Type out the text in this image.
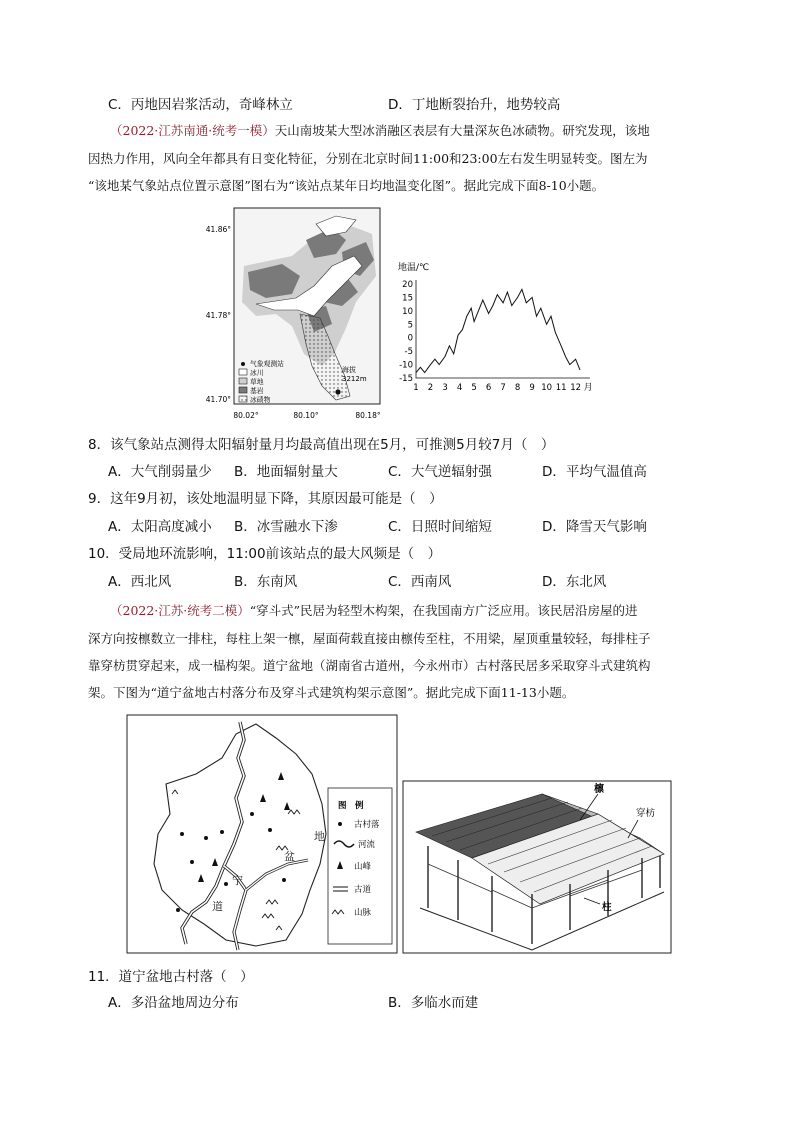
C．丙地因岩浆活动，奇峰林立	D．丁地断裂抬升，地势较高
（2022·江苏南通·统考一模）天山南坡某大型冰消融区表层有大量深灰色冰碛物。研究发现，该地
因热力作用，风向全年都具有日变化特征，分别在北京时间11:00和23:00左右发生明显转变。图左为
“该地某气象站点位置示意图”图右为“该站点某年日均地温变化图”。据此完成下面8-10小题。
海拔
3212m
气象观测站
冰川
草地
基岩
冰碛物
41.86°
41.78°
41.70°
80.02°	80.10°	80.18°
地温/℃
20
15
10
5
0
-5
-10
-15
1 2 3 4 5 6 7 8 9 10 11 12 月
8．该气象站点测得太阳辐射量月均最高值出现在5月，可推测5月较7月（　）
A．大气削弱量少 B．地面辐射量大	C．大气逆辐射强	D．平均气温值高
9．这年9月初，该处地温明显下降，其原因最可能是（　）
A．太阳高度减小 B．冰雪融水下渗	C．日照时间缩短	D．降雪天气影响
10．受局地环流影响，11:00前该站点的最大风频是（　）
A．西北风	B．东南风	C．西南风	D．东北风
（2022·江苏·统考二模）“穿斗式”民居为轻型木构架，在我国南方广泛应用。该民居沿房屋的进
深方向按檩数立一排柱，每柱上架一檩，屋面荷载直接由檩传至柱，不用梁，屋顶重量较轻，每排柱子
靠穿枋贯穿起来，成一榀构架。道宁盆地（湖南省古道州，今永州市）古村落民居多采取穿斗式建筑构
架。下图为“道宁盆地古村落分布及穿斗式建筑构架示意图”。据此完成下面11-13小题。
道
宁
盆
地
图　例
古村落
河流
山峰
古道
山脉
檩
穿枋
柱
11．道宁盆地古村落（　）
A．多沿盆地周边分布	B．多临水而建
